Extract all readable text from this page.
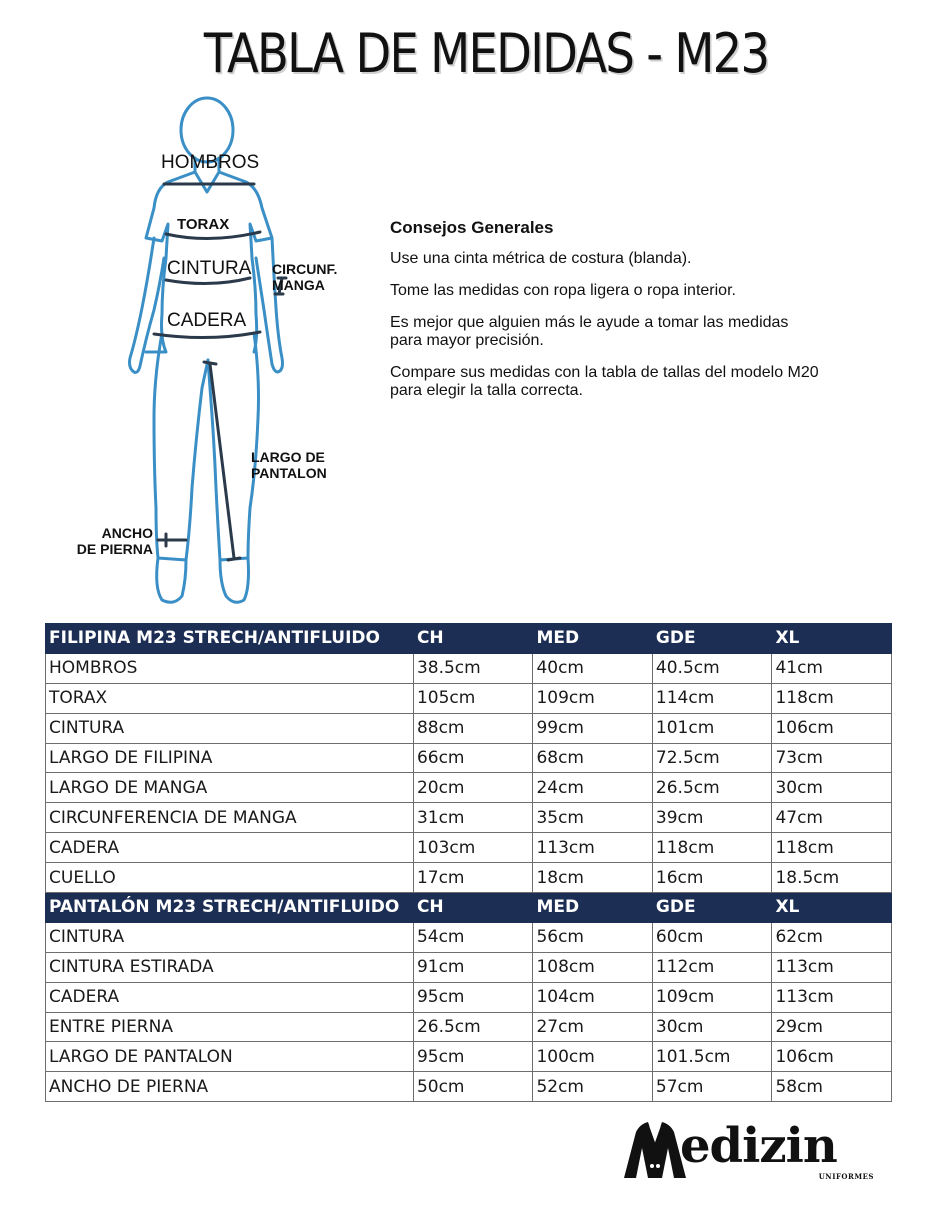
TABLA DE MEDIDAS - M23
HOMBROS
TORAX
CINTURA CIRCUNF.
MANGA
CADERA
LARGO DE
PANTALON
ANCHO
DE PIERNA
Consejos Generales

Use una cinta métrica de costura (blanda).

Tome las medidas con ropa ligera o ropa interior.

Es mejor que alguien más le ayude a tomar las medidas
para mayor precisión.

Compare sus medidas con la tabla de tallas del modelo M20
para elegir la talla correcta.

FILIPINA M23 STRECH/ANTIFLUIDO	CH	MED	GDE	XL
HOMBROS	38.5cm	40cm	40.5cm	41cm
TORAX	105cm	109cm	114cm	118cm
CINTURA	88cm	99cm	101cm	106cm
LARGO DE FILIPINA	66cm	68cm	72.5cm	73cm
LARGO DE MANGA	20cm	24cm	26.5cm	30cm
CIRCUNFERENCIA DE MANGA	31cm	35cm	39cm	47cm
CADERA	103cm	113cm	118cm	118cm
CUELLO	17cm	18cm	16cm	18.5cm
PANTALÓN M23 STRECH/ANTIFLUIDO	CH	MED	GDE	XL
CINTURA	54cm	56cm	60cm	62cm
CINTURA ESTIRADA	91cm	108cm	112cm	113cm
CADERA	95cm	104cm	109cm	113cm
ENTRE PIERNA	26.5cm	27cm	30cm	29cm
LARGO DE PANTALON	95cm	100cm	101.5cm	106cm
ANCHO DE PIERNA	50cm	52cm	57cm	58cm
edizin
UNIFORMES
